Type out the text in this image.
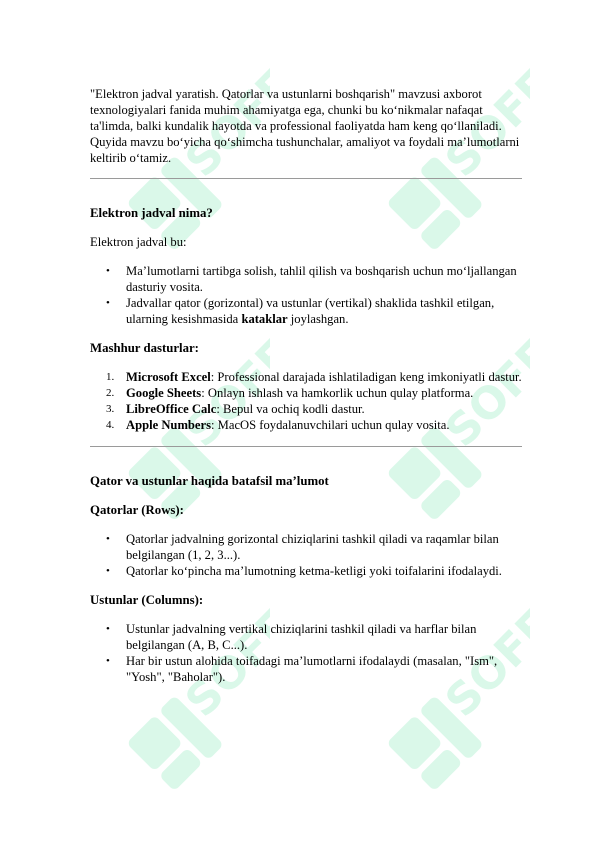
SOFF	SOFF
SOFF	SOFF
SOFF	SOFF

"Elektron jadval yaratish. Qatorlar va ustunlarni boshqarish" mavzusi axborot texnologiyalari fanida muhim ahamiyatga ega, chunki bu ko‘nikmalar nafaqat ta'limda, balki kundalik hayotda va professional faoliyatda ham keng qo‘llaniladi. Quyida mavzu bo‘yicha qo‘shimcha tushunchalar, amaliyot va foydali ma’lumotlarni keltirib o‘tamiz.

Elektron jadval nima?

Elektron jadval bu:

• Ma’lumotlarni tartibga solish, tahlil qilish va boshqarish uchun mo‘ljallangan dasturiy vosita.
• Jadvallar qator (gorizontal) va ustunlar (vertikal) shaklida tashkil etilgan, ularning kesishmasida kataklar joylashgan.
Mashhur dasturlar:
1. Microsoft Excel: Professional darajada ishlatiladigan keng imkoniyatli dastur.
2. Google Sheets: Onlayn ishlash va hamkorlik uchun qulay platforma.
3. LibreOffice Calc: Bepul va ochiq kodli dastur.
4. Apple Numbers: MacOS foydalanuvchilari uchun qulay vosita.
Qator va ustunlar haqida batafsil ma’lumot
Qatorlar (Rows):
• Qatorlar jadvalning gorizontal chiziqlarini tashkil qiladi va raqamlar bilan belgilangan (1, 2, 3...).
• Qatorlar ko‘pincha ma’lumotning ketma-ketligi yoki toifalarini ifodalaydi.
Ustunlar (Columns):
• Ustunlar jadvalning vertikal chiziqlarini tashkil qiladi va harflar bilan belgilangan (A, B, C...).
• Har bir ustun alohida toifadagi ma’lumotlarni ifodalaydi (masalan, "Ism", "Yosh", "Baholar").
